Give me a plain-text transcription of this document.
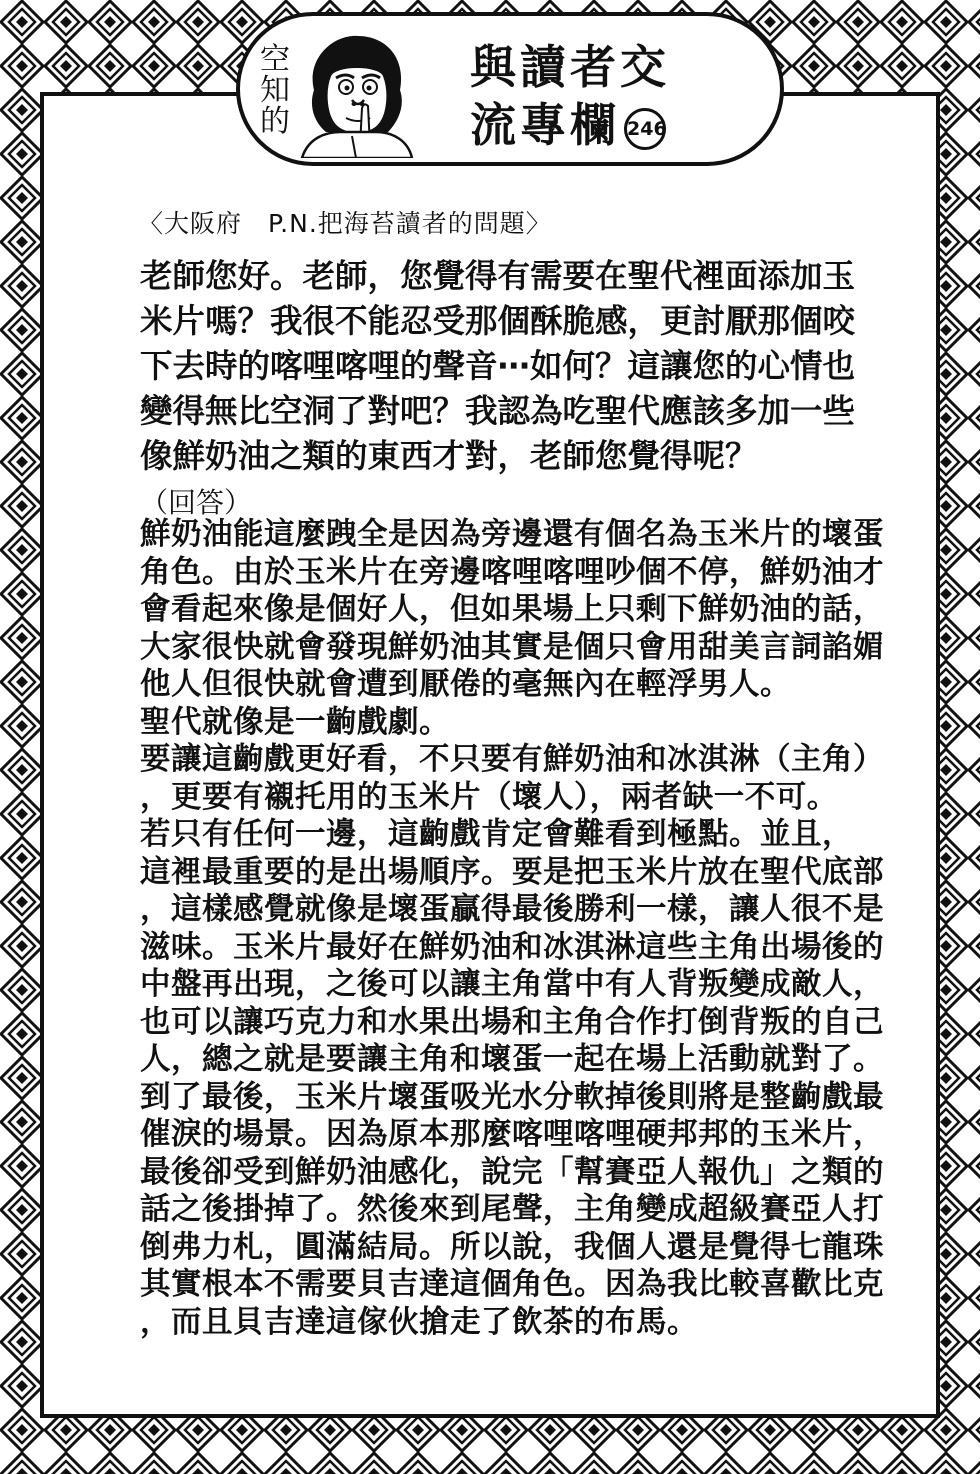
空
知
的
與讀者交
流專欄 246
〈大阪府　P.N.把海苔讀者的問題〉
老師您好。老師，您覺得有需要在聖代裡面添加玉
米片嗎？我很不能忍受那個酥脆感，更討厭那個咬
下去時的喀哩喀哩的聲音⋯如何？這讓您的心情也
變得無比空洞了對吧？我認為吃聖代應該多加一些
像鮮奶油之類的東西才對，老師您覺得呢？
（回答）
鮮奶油能這麼跩全是因為旁邊還有個名為玉米片的壞蛋
角色。由於玉米片在旁邊喀哩喀哩吵個不停，鮮奶油才
會看起來像是個好人，但如果場上只剩下鮮奶油的話，
大家很快就會發現鮮奶油其實是個只會用甜美言詞諂媚
他人但很快就會遭到厭倦的毫無內在輕浮男人。
聖代就像是一齣戲劇。
要讓這齣戲更好看，不只要有鮮奶油和冰淇淋（主角）
，更要有襯托用的玉米片（壞人），兩者缺一不可。
若只有任何一邊，這齣戲肯定會難看到極點。並且，
這裡最重要的是出場順序。要是把玉米片放在聖代底部
，這樣感覺就像是壞蛋贏得最後勝利一樣，讓人很不是
滋味。玉米片最好在鮮奶油和冰淇淋這些主角出場後的
中盤再出現，之後可以讓主角當中有人背叛變成敵人，
也可以讓巧克力和水果出場和主角合作打倒背叛的自己
人，總之就是要讓主角和壞蛋一起在場上活動就對了。
到了最後，玉米片壞蛋吸光水分軟掉後則將是整齣戲最
催淚的場景。因為原本那麼喀哩喀哩硬邦邦的玉米片，
最後卻受到鮮奶油感化，說完「幫賽亞人報仇」之類的
話之後掛掉了。然後來到尾聲，主角變成超級賽亞人打
倒弗力札，圓滿結局。所以說，我個人還是覺得七龍珠
其實根本不需要貝吉達這個角色。因為我比較喜歡比克
，而且貝吉達這傢伙搶走了飲茶的布馬。
